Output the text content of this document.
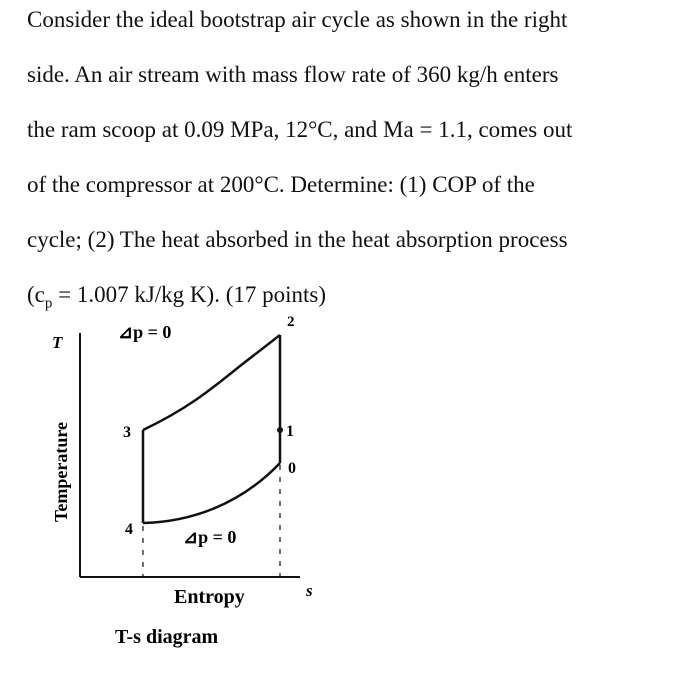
Consider the ideal bootstrap air cycle as shown in the right
side. An air stream with mass flow rate of 360 kg/h enters
the ram scoop at 0.09 MPa, 12°C, and Ma = 1.1, comes out
of the compressor at 200°C. Determine: (1) COP of the
cycle; (2) The heat absorbed in the heat absorption process
($c_p = 1.007$ kJ/kg K). (17 points)
T
Temperature
⊿p = 0	2
3	1
0
4	⊿p = 0
Entropy	s
T-s diagram
